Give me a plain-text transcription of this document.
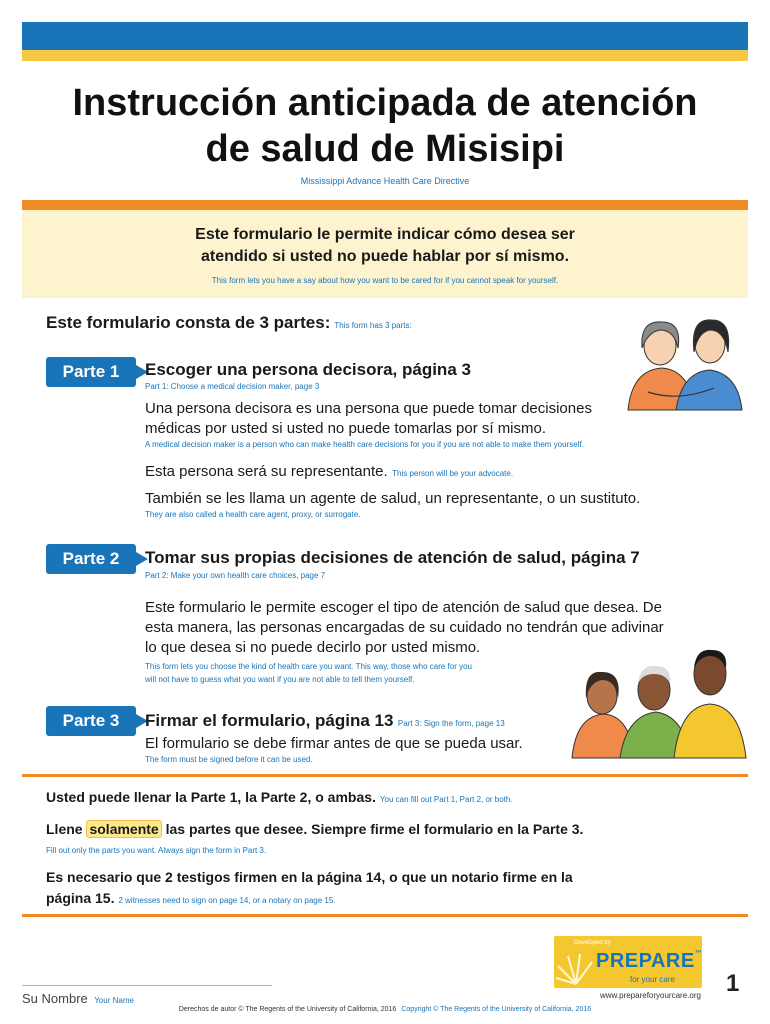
Instrucción anticipada de atención
de salud de Misisipi
Mississippi Advance Health Care Directive
Este formulario le permite indicar cómo desea ser
atendido si usted no puede hablar por sí mismo.
This form lets you have a say about how you want to be cared for if you cannot speak for yourself.
Este formulario consta de 3 partes: This form has 3 parts:
Parte 1	Escoger una persona decisora, página 3
Part 1: Choose a medical decision maker, page 3
Una persona decisora es una persona que puede tomar decisiones
médicas por usted si usted no puede tomarlas por sí mismo.
A medical decision maker is a person who can make health care decisions for you if you are not able to make them yourself.
Esta persona será su representante. This person will be your advocate.
También se les llama un agente de salud, un representante, o un sustituto.
They are also called a health care agent, proxy, or surrogate.
Parte 2	Tomar sus propias decisiones de atención de salud, página 7
Part 2: Make your own health care choices, page 7
Este formulario le permite escoger el tipo de atención de salud que desea. De
esta manera, las personas encargadas de su cuidado no tendrán que adivinar
lo que desea si no puede decirlo por usted mismo.
This form lets you choose the kind of health care you want. This way, those who care for you
will not have to guess what you want if you are not able to tell them yourself.
Parte 3	Firmar el formulario, página 13 Part 3: Sign the form, page 13
El formulario se debe firmar antes de que se pueda usar.
The form must be signed before it can be used.
Usted puede llenar la Parte 1, la Parte 2, o ambas. You can fill out Part 1, Part 2, or both.
Llene solamente las partes que desee. Siempre firme el formulario en la Parte 3.
Fill out only the parts you want. Always sign the form in Part 3.
Es necesario que 2 testigos firmen en la página 14, o que un notario firme en la
página 15. 2 witnesses need to sign on page 14, or a notary on page 15.
Su Nombre Your Name
Developed by
PREPARE™
for your care
www.prepareforyourcare.org 1
Derechos de autor © The Regents of the University of California, 2016 Copyright © The Regents of the University of California, 2016
